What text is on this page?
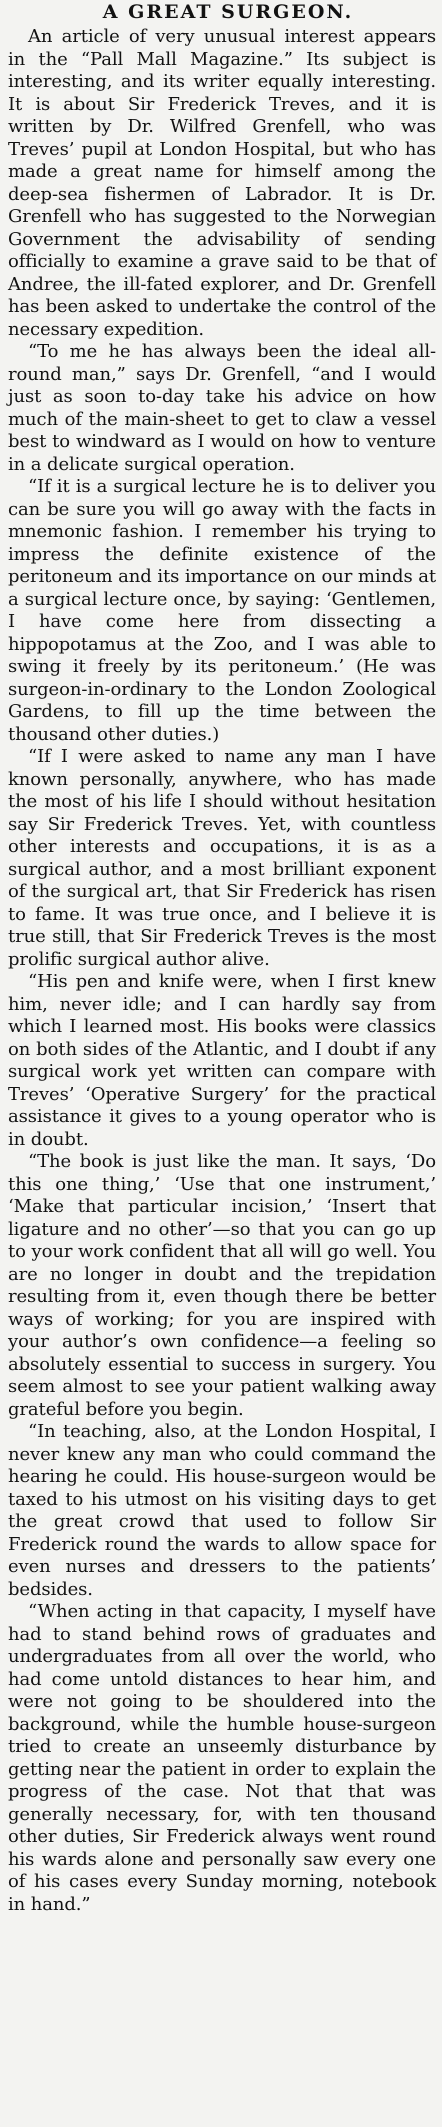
A GREAT SURGEON.

An article of very unusual interest appears in the “Pall Mall Magazine.” Its subject is interesting, and its writer equally interesting. It is about Sir Frederick Treves, and it is written by Dr. Wilfred Grenfell, who was Treves’ pupil at London Hospital, but who has made a great name for himself among the deep-sea fishermen of Labrador. It is Dr. Grenfell who has suggested to the Norwegian Government the advisability of sending officially to examine a grave said to be that of Andree, the ill-fated explorer, and Dr. Grenfell has been asked to undertake the control of the necessary expedition.

“To me he has always been the ideal all-round man,” says Dr. Grenfell, “and I would just as soon to-day take his advice on how much of the main-sheet to get to claw a vessel best to windward as I would on how to venture in a delicate surgical operation.

“If it is a surgical lecture he is to deliver you can be sure you will go away with the facts in mnemonic fashion. I remember his trying to impress the definite existence of the peritoneum and its importance on our minds at a surgical lecture once, by saying: ‘Gentlemen, I have come here from dissecting a hippopotamus at the Zoo, and I was able to swing it freely by its peritoneum.’ (He was surgeon-in-ordinary to the London Zoological Gardens, to fill up the time between the thousand other duties.)

“If I were asked to name any man I have known personally, anywhere, who has made the most of his life I should without hesitation say Sir Frederick Treves. Yet, with countless other interests and occupations, it is as a surgical author, and a most brilliant exponent of the surgical art, that Sir Frederick has risen to fame. It was true once, and I believe it is true still, that Sir Frederick Treves is the most prolific surgical author alive.

“His pen and knife were, when I first knew him, never idle; and I can hardly say from which I learned most. His books were classics on both sides of the Atlantic, and I doubt if any surgical work yet written can compare with Treves’ ‘Operative Surgery’ for the practical assistance it gives to a young operator who is in doubt.

“The book is just like the man. It says, ‘Do this one thing,’ ‘Use that one instrument,’ ‘Make that particular incision,’ ‘Insert that ligature and no other’—so that you can go up to your work confident that all will go well. You are no longer in doubt and the trepidation resulting from it, even though there be better ways of working; for you are inspired with your author’s own confidence—a feeling so absolutely essential to success in surgery. You seem almost to see your patient walking away grateful before you begin.

“In teaching, also, at the London Hospital, I never knew any man who could command the hearing he could. His house-surgeon would be taxed to his utmost on his visiting days to get the great crowd that used to follow Sir Frederick round the wards to allow space for even nurses and dressers to the patients’ bedsides.

“When acting in that capacity, I myself have had to stand behind rows of graduates and undergraduates from all over the world, who had come untold distances to hear him, and were not going to be shouldered into the background, while the humble house-surgeon tried to create an unseemly disturbance by getting near the patient in order to explain the progress of the case. Not that that was generally necessary, for, with ten thousand other duties, Sir Frederick always went round his wards alone and personally saw every one of his cases every Sunday morning, notebook in hand.”
